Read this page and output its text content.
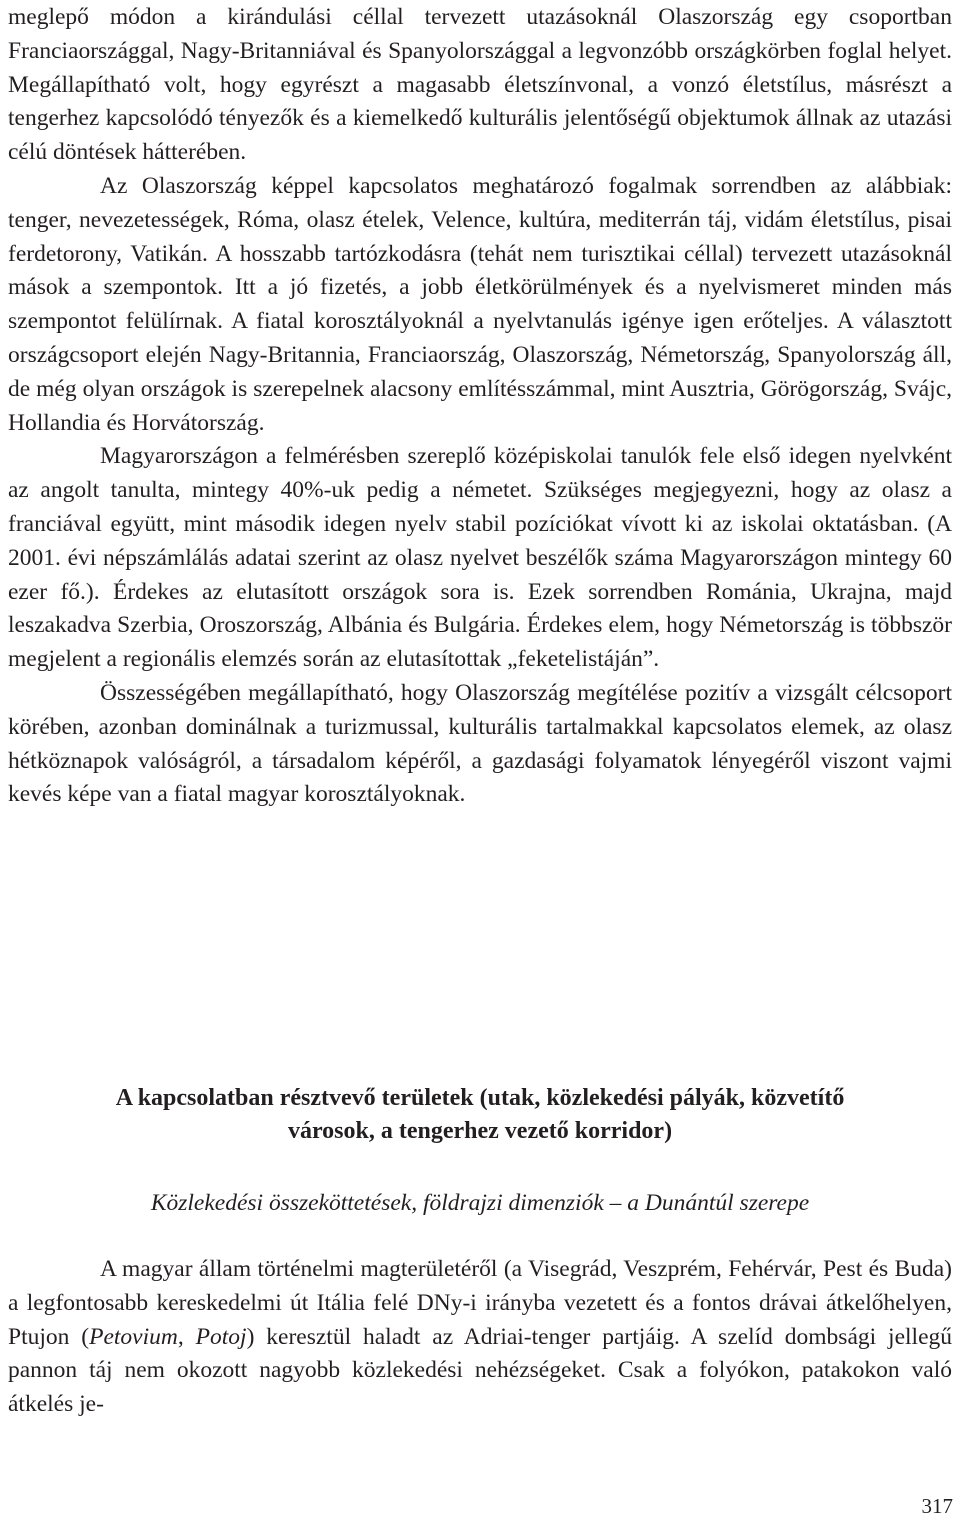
meglepő módon a kirándulási céllal tervezett utazásoknál Olaszország egy csoportban Franciaországgal, Nagy-Britanniával és Spanyolországgal a legvonzóbb országkörben foglal helyet. Megállapítható volt, hogy egyrészt a magasabb életszínvonal, a vonzó életstílus, másrészt a tengerhez kapcsolódó tényezők és a kiemelkedő kulturális jelentőségű objektumok állnak az utazási célú döntések hátterében.

Az Olaszország képpel kapcsolatos meghatározó fogalmak sorrendben az alábbiak: tenger, nevezetességek, Róma, olasz ételek, Velence, kultúra, mediterrán táj, vidám életstílus, pisai ferdetorony, Vatikán. A hosszabb tartózkodásra (tehát nem turisztikai céllal) tervezett utazásoknál mások a szempontok. Itt a jó fizetés, a jobb életkörülmények és a nyelvismeret minden más szempontot felülírnak. A fiatal korosztályoknál a nyelvtanulás igénye igen erőteljes. A választott országcsoport elején Nagy-Britannia, Franciaország, Olaszország, Németország, Spanyolország áll, de még olyan országok is szerepelnek alacsony említésszámmal, mint Ausztria, Görögország, Svájc, Hollandia és Horvátország.

Magyarországon a felmérésben szereplő középiskolai tanulók fele első idegen nyelvként az angolt tanulta, mintegy 40%-uk pedig a németet. Szükséges megjegyezni, hogy az olasz a franciával együtt, mint második idegen nyelv stabil pozíciókat vívott ki az iskolai oktatásban. (A 2001. évi népszámlálás adatai szerint az olasz nyelvet beszélők száma Magyarországon mintegy 60 ezer fő.). Érdekes az elutasított országok sora is. Ezek sorrendben Románia, Ukrajna, majd leszakadva Szerbia, Oroszország, Albánia és Bulgária. Érdekes elem, hogy Németország is többször megjelent a regionális elemzés során az elutasítottak „feketelistáján”.

Összességében megállapítható, hogy Olaszország megítélése pozitív a vizsgált célcsoport körében, azonban dominálnak a turizmussal, kulturális tartalmakkal kapcsolatos elemek, az olasz hétköznapok valóságról, a társadalom képéről, a gazdasági folyamatok lényegéről viszont vajmi kevés képe van a fiatal magyar korosztályoknak.

A kapcsolatban résztvevő területek (utak, közlekedési pályák, közvetítő
városok, a tengerhez vezető korridor)

Közlekedési összeköttetések, földrajzi dimenziók – a Dunántúl szerepe

A magyar állam történelmi magterületéről (a Visegrád, Veszprém, Fehérvár, Pest és Buda) a legfontosabb kereskedelmi út Itália felé DNy-i irányba vezetett és a fontos drávai átkelőhelyen, Ptujon (Petovium, Potoj) keresztül haladt az Adriai-tenger partjáig. A szelíd dombsági jellegű pannon táj nem okozott nagyobb közlekedési nehézségeket. Csak a folyókon, patakokon való átkelés je-

317
